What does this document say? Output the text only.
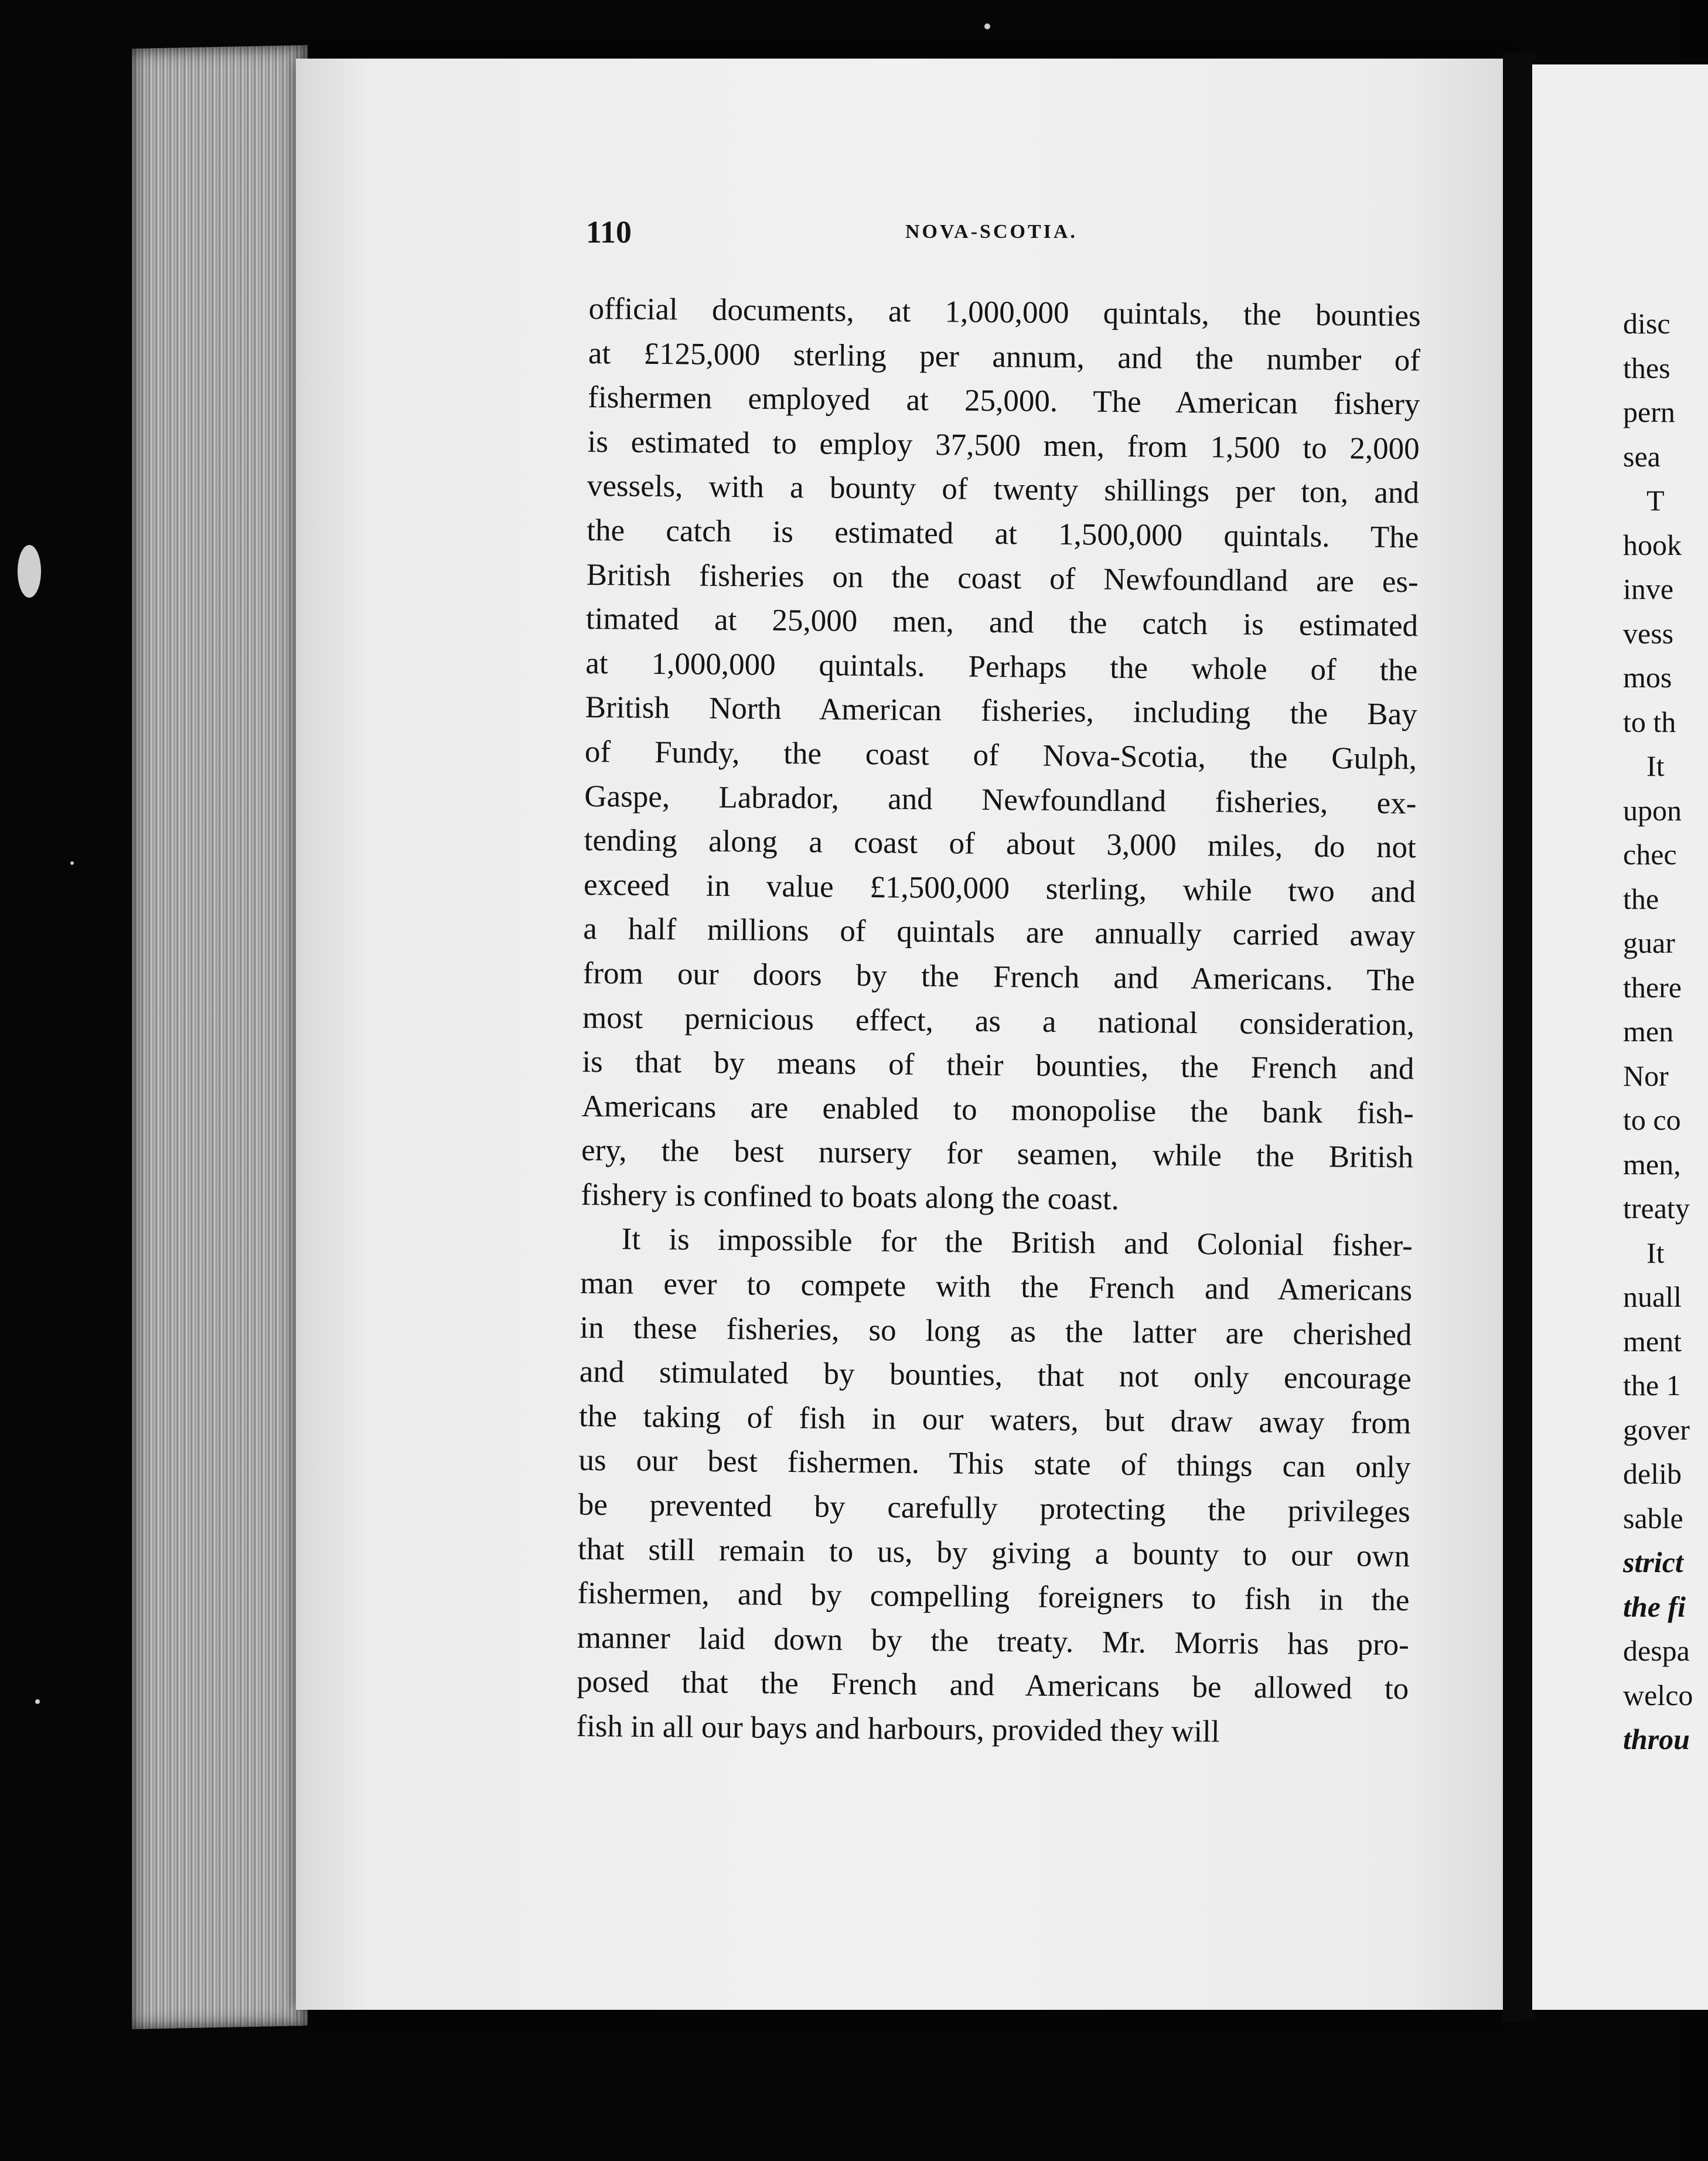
110	NOVA-SCOTIA.
official documents, at 1,000,000 quintals, the bounties
at £125,000 sterling per annum, and the number of
fishermen employed at 25,000. The American fishery
is estimated to employ 37,500 men, from 1,500 to 2,000
vessels, with a bounty of twenty shillings per ton, and
the catch is estimated at 1,500,000 quintals. The
British fisheries on the coast of Newfoundland are es-
timated at 25,000 men, and the catch is estimated
at 1,000,000 quintals. Perhaps the whole of the
British North American fisheries, including the Bay
of Fundy, the coast of Nova-Scotia, the Gulph,
Gaspe, Labrador, and Newfoundland fisheries, ex-
tending along a coast of about 3,000 miles, do not
exceed in value £1,500,000 sterling, while two and
a half millions of quintals are annually carried away
from our doors by the French and Americans. The
most pernicious effect, as a national consideration,
is that by means of their bounties, the French and
Americans are enabled to monopolise the bank fish-
ery, the best nursery for seamen, while the British
fishery is confined to boats along the coast.
It is impossible for the British and Colonial fisher-
man ever to compete with the French and Americans
in these fisheries, so long as the latter are cherished
and stimulated by bounties, that not only encourage
the taking of fish in our waters, but draw away from
us our best fishermen. This state of things can only
be prevented by carefully protecting the privileges
that still remain to us, by giving a bounty to our own
fishermen, and by compelling foreigners to fish in the
manner laid down by the treaty. Mr. Morris has pro-
posed that the French and Americans be allowed to
fish in all our bays and harbours, provided they will
disc
thes
pern
sea
T
hook
inve
vess
mos
to th
It
upon
chec
the
guar
there
men
Nor
to co
men,
treaty
It
nuall
ment
the 1
gover
delib
sable
strict
the fi
despa
welco
throu
